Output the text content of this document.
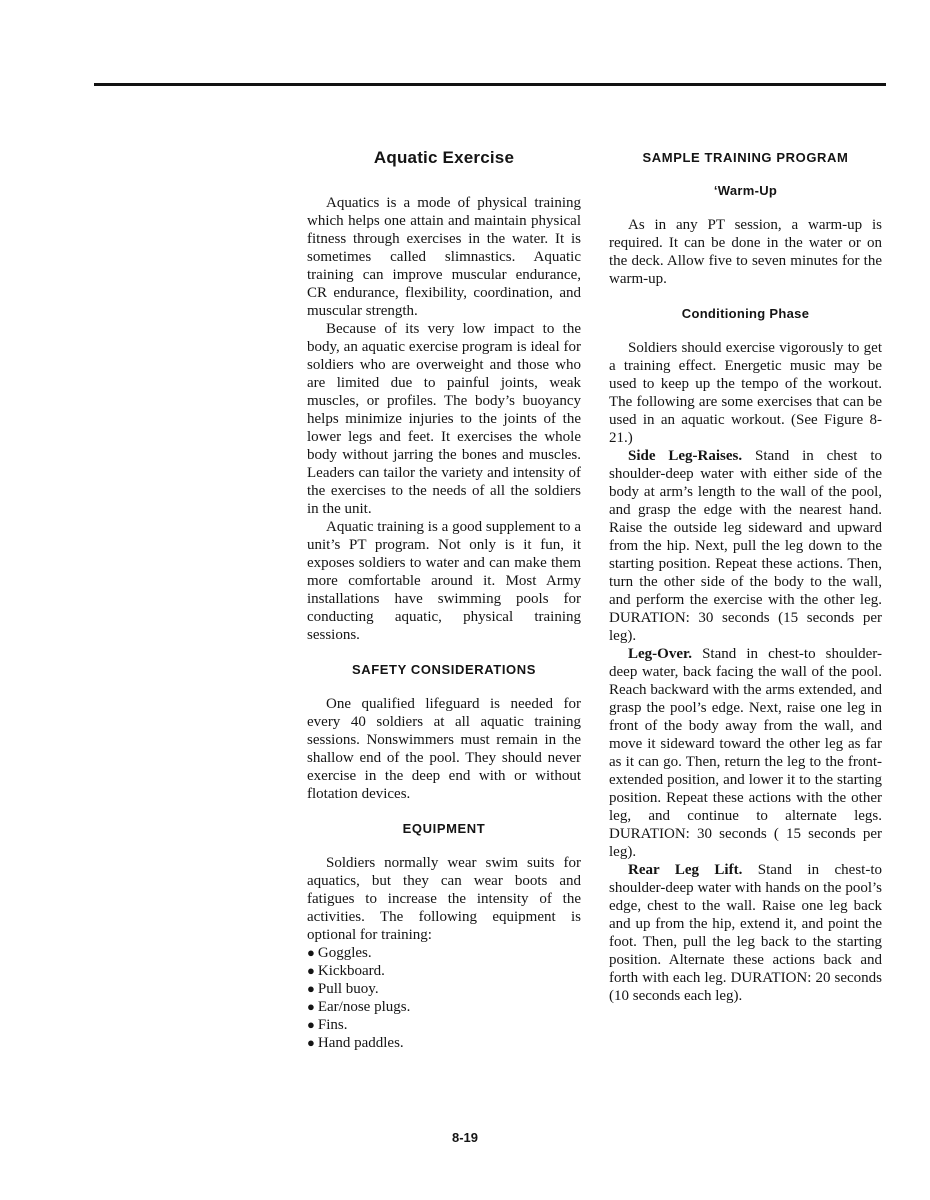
Aquatic Exercise

Aquatics is a mode of physical training which helps one attain and maintain physical fitness through exercises in the water. It is sometimes called slimnastics. Aquatic training can improve muscular endurance, CR endurance, flexibility, coordination, and muscular strength.

Because of its very low impact to the body, an aquatic exercise program is ideal for soldiers who are overweight and those who are limited due to painful joints, weak muscles, or profiles. The body’s buoyancy helps minimize injuries to the joints of the lower legs and feet. It exercises the whole body without jarring the bones and muscles. Leaders can tailor the variety and intensity of the exercises to the needs of all the soldiers in the unit.

Aquatic training is a good supplement to a unit’s PT program. Not only is it fun, it exposes soldiers to water and can make them more comfortable around it. Most Army installations have swimming pools for conducting aquatic, physical training sessions.

SAFETY CONSIDERATIONS

One qualified lifeguard is needed for every 40 soldiers at all aquatic training sessions. Nonswimmers must remain in the shallow end of the pool. They should never exercise in the deep end with or without flotation devices.

EQUIPMENT

Soldiers normally wear swim suits for aquatics, but they can wear boots and fatigues to increase the intensity of the activities. The following equipment is optional for training:

● Goggles.
● Kickboard.
● Pull buoy.
● Ear/nose plugs.
● Fins.
● Hand paddles.
SAMPLE TRAINING PROGRAM
‘Warm-Up

As in any PT session, a warm-up is required. It can be done in the water or on the deck. Allow five to seven minutes for the warm-up.

Conditioning Phase

Soldiers should exercise vigorously to get a training effect. Energetic music may be used to keep up the tempo of the workout. The following are some exercises that can be used in an aquatic workout. (See Figure 8-21.)

Side Leg-Raises. Stand in chest to shoulder-deep water with either side of the body at arm’s length to the wall of the pool, and grasp the edge with the nearest hand. Raise the outside leg sideward and upward from the hip. Next, pull the leg down to the starting position. Repeat these actions. Then, turn the other side of the body to the wall, and perform the exercise with the other leg. DURATION: 30 seconds (15 seconds per leg).

Leg-Over. Stand in chest-to shoulder-deep water, back facing the wall of the pool. Reach backward with the arms extended, and grasp the pool’s edge. Next, raise one leg in front of the body away from the wall, and move it sideward toward the other leg as far as it can go. Then, return the leg to the front-extended position, and lower it to the starting position. Repeat these actions with the other leg, and continue to alternate legs. DURATION: 30 seconds ( 15 seconds per leg).

Rear Leg Lift. Stand in chest-to shoulder-deep water with hands on the pool’s edge, chest to the wall. Raise one leg back and up from the hip, extend it, and point the foot. Then, pull the leg back to the starting position. Alternate these actions back and forth with each leg. DURATION: 20 seconds (10 seconds each leg).

8-19
